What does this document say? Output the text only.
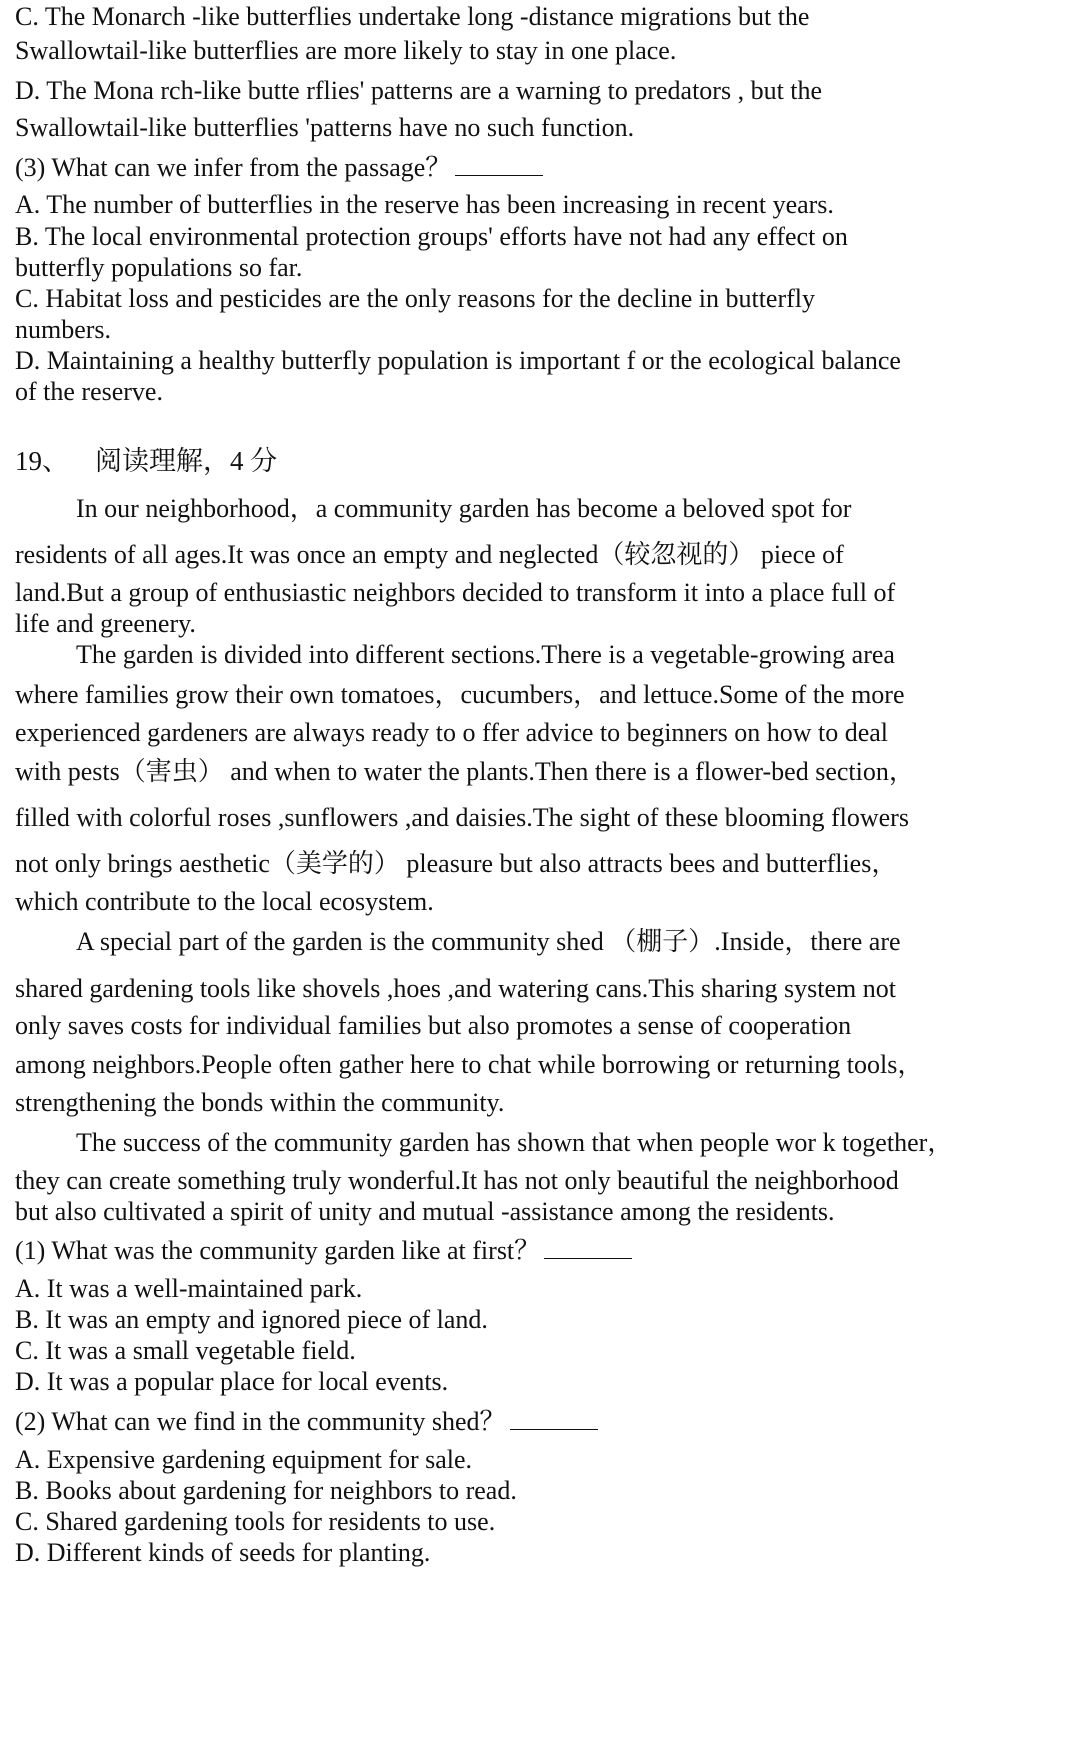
C. The Monarch -like butterflies undertake long -distance migrations but the
Swallowtail-like butterflies are more likely to stay in one place.
D. The Mona rch-like butte rflies' patterns are a warning to predators , but the
Swallowtail-like butterflies 'patterns have no such function.
(3) What can we infer from the passage？
A. The number of butterflies in the reserve has been increasing in recent years.
B. The local environmental protection groups' efforts have not had any effect on
butterfly populations so far.
C. Habitat loss and pesticides are the only reasons for the decline in butterfly
numbers.
D. Maintaining a healthy butterfly population is important f or the ecological balance
of the reserve.
19、 阅读理解，4 分
In our neighborhood，a community garden has become a beloved spot for
residents of all ages.It was once an empty and neglected（较忽视的） piece of
land.But a group of enthusiastic neighbors decided to transform it into a place full of
life and greenery.
The garden is divided into different sections.There is a vegetable-growing area
where families grow their own tomatoes，cucumbers，and lettuce.Some of the more
experienced gardeners are always ready to o ffer advice to beginners on how to deal
with pests（害虫） and when to water the plants.Then there is a flower-bed section，
filled with colorful roses ,sunflowers ,and daisies.The sight of these blooming flowers
not only brings aesthetic（美学的） pleasure but also attracts bees and butterflies，
which contribute to the local ecosystem.
A special part of the garden is the community shed （棚子）.Inside，there are
shared gardening tools like shovels ,hoes ,and watering cans.This sharing system not
only saves costs for individual families but also promotes a sense of cooperation
among neighbors.People often gather here to chat while borrowing or returning tools，
strengthening the bonds within the community.
The success of the community garden has shown that when people wor k together，
they can create something truly wonderful.It has not only beautiful the neighborhood
but also cultivated a spirit of unity and mutual -assistance among the residents.
(1) What was the community garden like at first？
A. It was a well-maintained park.
B. It was an empty and ignored piece of land.
C. It was a small vegetable field.
D. It was a popular place for local events.
(2) What can we find in the community shed？
A. Expensive gardening equipment for sale.
B. Books about gardening for neighbors to read.
C. Shared gardening tools for residents to use.
D. Different kinds of seeds for planting.
